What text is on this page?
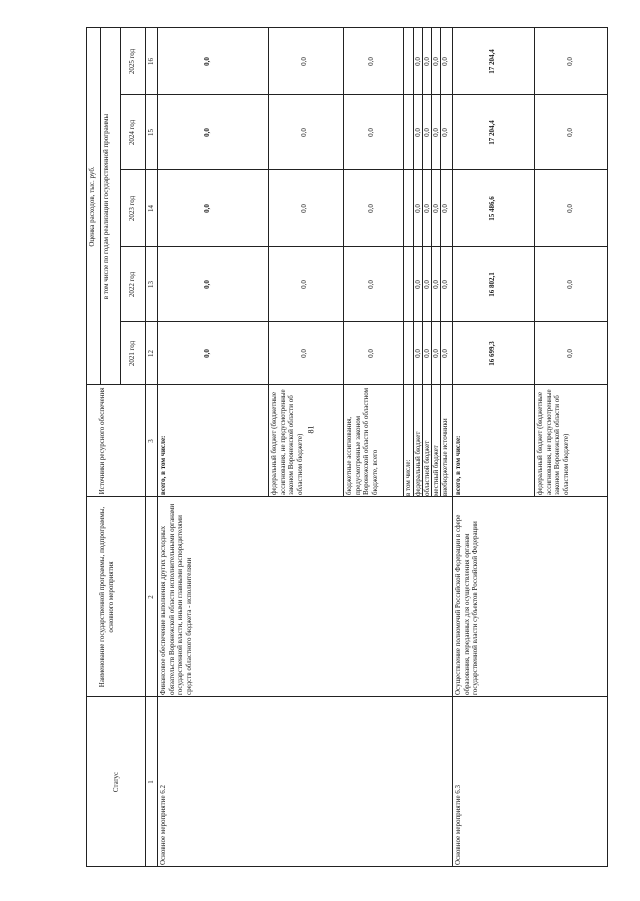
81
Статус
Наименование государственной программы, подпрограммы, основного мероприятия
Источники ресурсного обеспечения
Оценка расходов, тыс. руб. в том числе по годам реализации государственной программы
2021 год
2022 год
2023 год
2024 год
2025 год
1
2
3
12
13
14
15
16
Основное мероприятие 6.2
Финансовое обеспечение выполнения других расходных обязательств Воронежской области исполнительными органами государственной власти, иными главными распорядителями средств областного бюджета - исполнителями
всего, в том числе:
0,0
0,0
0,0
0,0
0,0
федеральный бюджет (бюджетные ассигнования, не предусмотренные законом Воронежской области об областном бюджете)
0,0
0,0
0,0
0,0
0,0
бюджетные ассигнования, предусмотренные законом Воронежской области об областном бюджете, всего
0,0
0,0
0,0
0,0
0,0
в том числе: федеральный бюджет
0,0
0,0
0,0
0,0
0,0
областной бюджет
0,0
0,0
0,0
0,0
0,0
местный бюджет
0,0
0,0
0,0
0,0
0,0
внебюджетные источники
0,0
0,0
0,0
0,0
0,0
Основное мероприятие 6.3
Осуществление полномочий Российской Федерации в сфере образования, переданных для осуществления органам государственной власти субъектов Российской Федерации
всего, в том числе:
16 699,3
16 802,1
15 486,6
17 204,4
17 204,4
федеральный бюджет (бюджетные ассигнования, не предусмотренные законом Воронежской области об областном бюджете)
0,0
0,0
0,0
0,0
0,0
